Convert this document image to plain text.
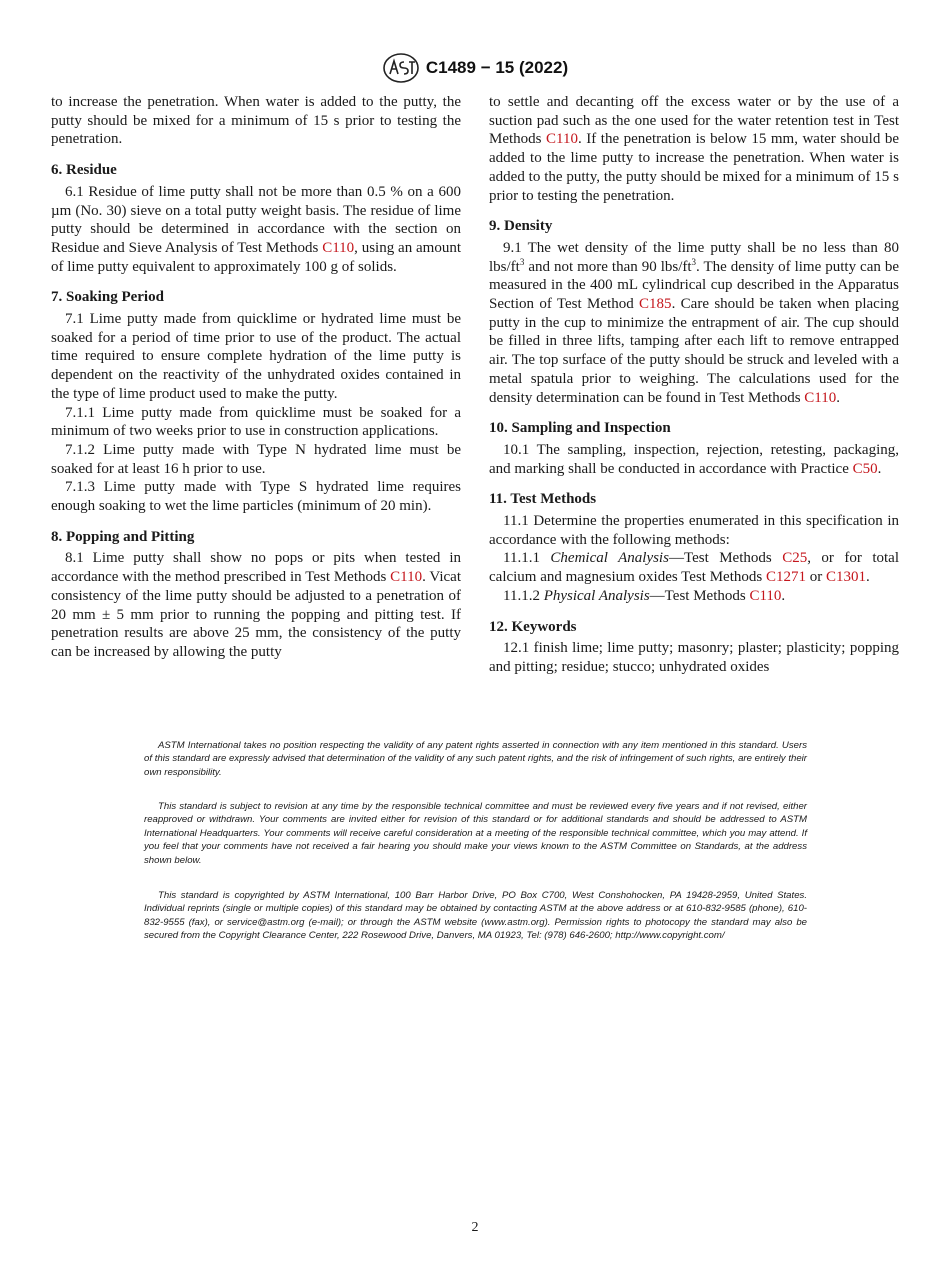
C1489 − 15 (2022)

to increase the penetration. When water is added to the putty, the putty should be mixed for a minimum of 15 s prior to testing the penetration.

6. Residue

6.1 Residue of lime putty shall not be more than 0.5 % on a 600 µm (No. 30) sieve on a total putty weight basis. The residue of lime putty should be determined in accordance with the section on Residue and Sieve Analysis of Test Methods C110, using an amount of lime putty equivalent to approximately 100 g of solids.

7. Soaking Period

7.1 Lime putty made from quicklime or hydrated lime must be soaked for a period of time prior to use of the product. The actual time required to ensure complete hydration of the lime putty is dependent on the reactivity of the unhydrated oxides contained in the type of lime product used to make the putty.

7.1.1 Lime putty made from quicklime must be soaked for a minimum of two weeks prior to use in construction applications.

7.1.2 Lime putty made with Type N hydrated lime must be soaked for at least 16 h prior to use.

7.1.3 Lime putty made with Type S hydrated lime requires enough soaking to wet the lime particles (minimum of 20 min).

8. Popping and Pitting

8.1 Lime putty shall show no pops or pits when tested in accordance with the method prescribed in Test Methods C110. Vicat consistency of the lime putty should be adjusted to a penetration of 20 mm ± 5 mm prior to running the popping and pitting test. If penetration results are above 25 mm, the consistency of the putty can be increased by allowing the putty

to settle and decanting off the excess water or by the use of a suction pad such as the one used for the water retention test in Test Methods C110. If the penetration is below 15 mm, water should be added to the lime putty to increase the penetration. When water is added to the putty, the putty should be mixed for a minimum of 15 s prior to testing the penetration.

9. Density

9.1 The wet density of the lime putty shall be no less than 80 lbs/$ft^3$ and not more than 90 lbs/$ft^3$. The density of lime putty can be measured in the 400 mL cylindrical cup described in the Apparatus Section of Test Method C185. Care should be taken when placing putty in the cup to minimize the entrapment of air. The cup should be filled in three lifts, tamping after each lift to remove entrapped air. The top surface of the putty should be struck and leveled with a metal spatula prior to weighing. The calculations used for the density determination can be found in Test Methods C110.

10. Sampling and Inspection

10.1 The sampling, inspection, rejection, retesting, packaging, and marking shall be conducted in accordance with Practice C50.

11. Test Methods

11.1 Determine the properties enumerated in this specification in accordance with the following methods:

11.1.1 Chemical Analysis—Test Methods C25, or for total calcium and magnesium oxides Test Methods C1271 or C1301.

11.1.2 Physical Analysis—Test Methods C110.

12. Keywords

12.1 finish lime; lime putty; masonry; plaster; plasticity; popping and pitting; residue; stucco; unhydrated oxides

ASTM International takes no position respecting the validity of any patent rights asserted in connection with any item mentioned in this standard. Users of this standard are expressly advised that determination of the validity of any such patent rights, and the risk of infringement of such rights, are entirely their own responsibility.

This standard is subject to revision at any time by the responsible technical committee and must be reviewed every five years and if not revised, either reapproved or withdrawn. Your comments are invited either for revision of this standard or for additional standards and should be addressed to ASTM International Headquarters. Your comments will receive careful consideration at a meeting of the responsible technical committee, which you may attend. If you feel that your comments have not received a fair hearing you should make your views known to the ASTM Committee on Standards, at the address shown below.

This standard is copyrighted by ASTM International, 100 Barr Harbor Drive, PO Box C700, West Conshohocken, PA 19428-2959, United States. Individual reprints (single or multiple copies) of this standard may be obtained by contacting ASTM at the above address or at 610-832-9585 (phone), 610-832-9555 (fax), or service@astm.org (e-mail); or through the ASTM website (www.astm.org). Permission rights to photocopy the standard may also be secured from the Copyright Clearance Center, 222 Rosewood Drive, Danvers, MA 01923, Tel: (978) 646-2600; http://www.copyright.com/

2
